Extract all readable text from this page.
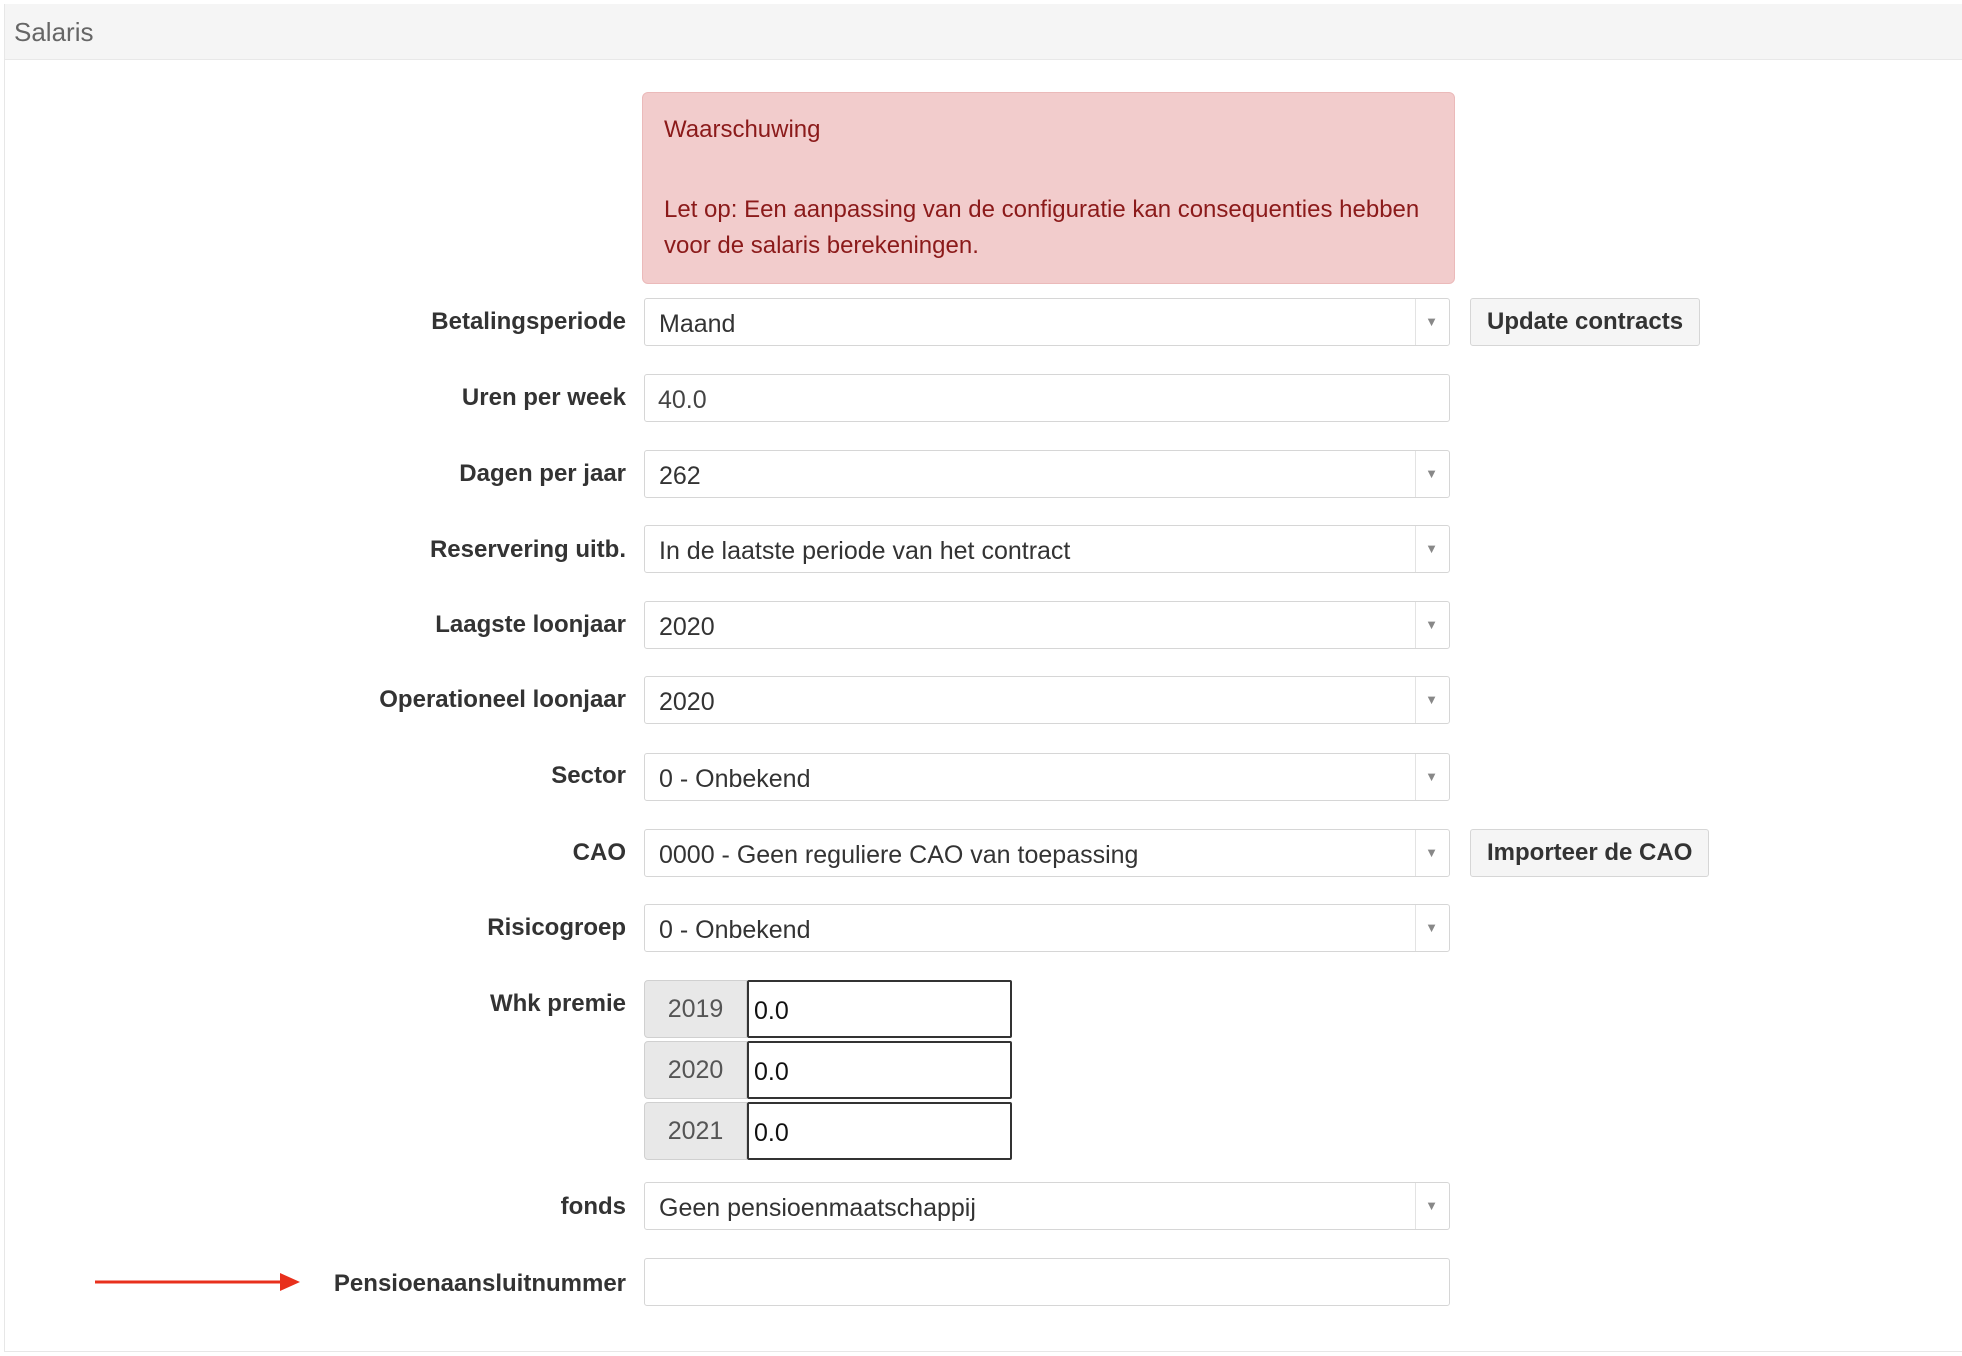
Salaris
Waarschuwing
Let op: Een aanpassing van de configuratie kan consequenties hebben voor de salaris berekeningen.
Betalingsperiode Maand	▼	Update contracts
Uren per week 40.0
Dagen per jaar 262	▼
Reservering uitb. In de laatste periode van het contract	▼
Laagste loonjaar 2020	▼
Operationeel loonjaar 2020	▼
Sector 0 - Onbekend	▼
CAO 0000 - Geen reguliere CAO van toepassing	▼	Importeer de CAO
Risicogroep 0 - Onbekend	▼
Whk premie	2019	0.0
2020	0.0
2021	0.0
fonds Geen pensioenmaatschappij	▼
Pensioenaansluitnummer
